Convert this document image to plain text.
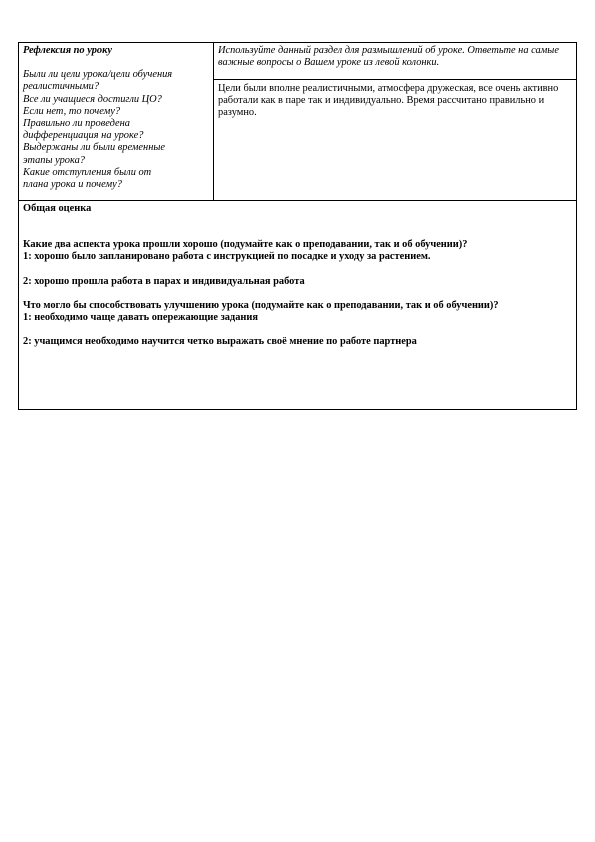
Рефлексия по уроку
Были ли цели урока/цели обучения
реалистичными?
Все ли учащиеся достигли ЦО?
Если нет, то почему?
Правильно ли проведена
дифференциация на уроке?
Выдержаны ли были временные
этапы урока?
Какие отступления были от
плана урока и почему?
Используйте данный раздел для размышлений об уроке. Ответьте на самые важные вопросы о Вашем уроке из левой колонки.
Цели были вполне реалистичными, атмосфера дружеская, все очень активно работали как в паре так и индивидуально. Время рассчитано правильно и разумно.
Общая оценка
Какие два аспекта урока прошли хорошо (подумайте как о преподавании, так и об обучении)?
1: хорошо было запланировано работа с инструкцией по посадке и уходу за растением.
2: хорошо прошла работа в парах и индивидуальная работа
Что могло бы способствовать улучшению урока (подумайте как о преподавании, так и об обучении)?
1: необходимо чаще давать опережающие задания
2: учащимся необходимо научится четко выражать своё мнение по работе партнера
